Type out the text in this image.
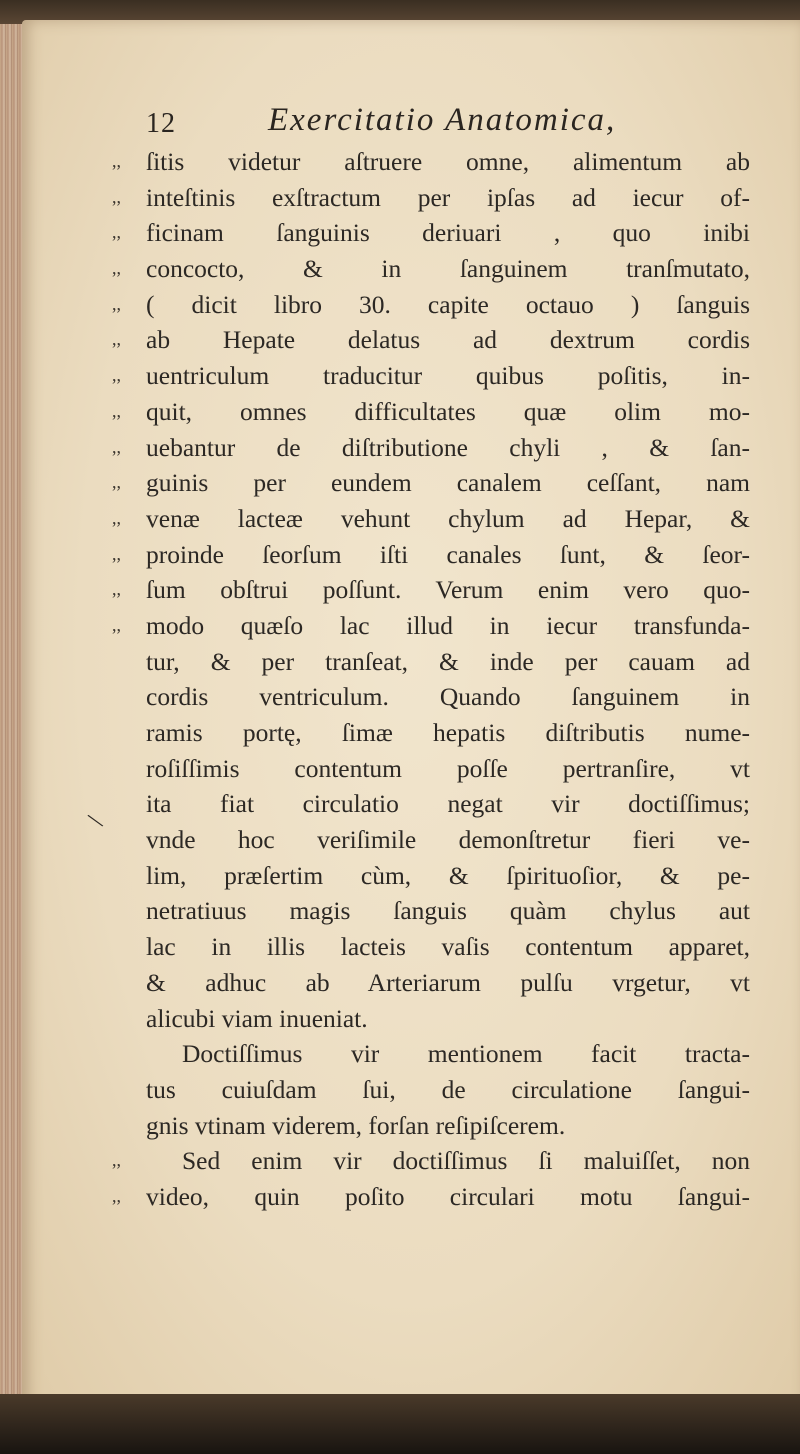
12	Exercitatio Anatomica,
\
,, ſitis videtur aſtruere omne, alimentum ab
,, inteſtinis exſtractum per ipſas ad iecur of-
,, ficinam ſanguinis deriuari , quo inibi
,, concocto, & in ſanguinem tranſmutato,
,, ( dicit libro 30. capite octauo ) ſanguis
,, ab Hepate delatus ad dextrum cordis
,, uentriculum traducitur quibus poſitis, in-
,, quit, omnes difficultates quæ olim mo-
,, uebantur de diſtributione chyli , & ſan-
,, guinis per eundem canalem ceſſant, nam
,, venæ lacteæ vehunt chylum ad Hepar, &
,, proinde ſeorſum iſti canales ſunt, & ſeor-
,, ſum obſtrui poſſunt. Verum enim vero quo-
,, modo quæſo lac illud in iecur transfunda-
tur, & per tranſeat, & inde per cauam ad
cordis ventriculum. Quando ſanguinem in
ramis portę, ſimæ hepatis diſtributis nume-
roſiſſimis contentum poſſe pertranſire, vt
ita fiat circulatio negat vir doctiſſimus;
vnde hoc veriſimile demonſtretur fieri ve-
lim, præſertim cùm, & ſpirituoſior, & pe-
netratiuus magis ſanguis quàm chylus aut
lac in illis lacteis vaſis contentum apparet,
& adhuc ab Arteriarum pulſu vrgetur, vt
alicubi viam inueniat.
Doctiſſimus vir mentionem facit tracta-
tus cuiuſdam ſui, de circulatione ſangui-
gnis vtinam viderem, forſan reſipiſcerem.
,,	Sed enim vir doctiſſimus ſi maluiſſet, non
,, video, quin poſito circulari motu ſangui-
